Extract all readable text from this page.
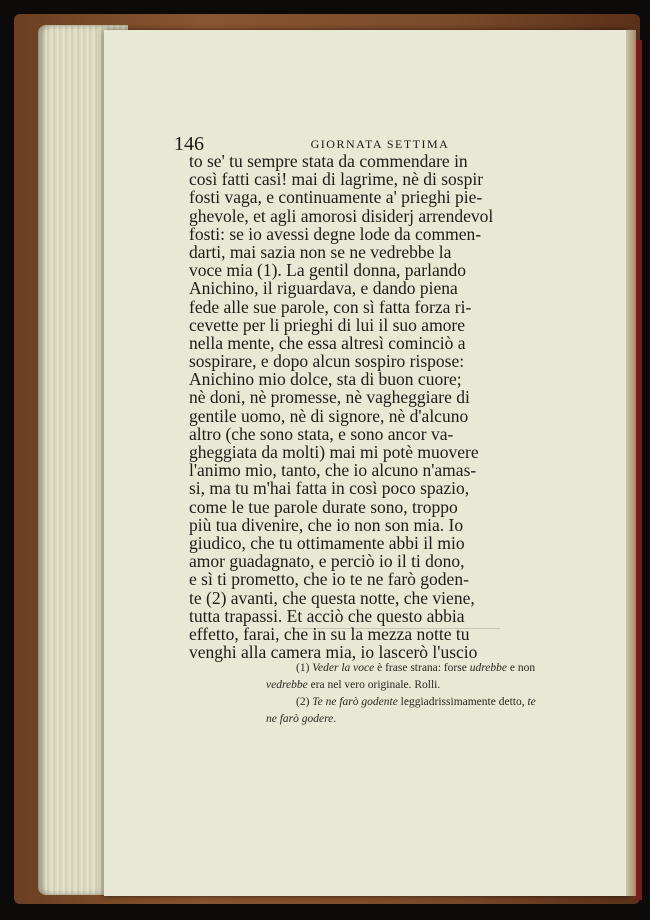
146	GIORNATA SETTIMA
to se' tu sempre stata da commendare in
così fatti casi! mai di lagrime, nè di sospir
fosti vaga, e continuamente a' prieghi pie-
ghevole, et agli amorosi disiderj arrendevol
fosti: se io avessi degne lode da commen-
darti, mai sazia non se ne vedrebbe la
voce mia (1). La gentil donna, parlando
Anichino, il riguardava, e dando piena
fede alle sue parole, con sì fatta forza ri-
cevette per li prieghi di lui il suo amore
nella mente, che essa altresì cominciò a
sospirare, e dopo alcun sospiro rispose:
Anichino mio dolce, sta di buon cuore;
nè doni, nè promesse, nè vagheggiare di
gentile uomo, nè di signore, nè d'alcuno
altro (che sono stata, e sono ancor va-
gheggiata da molti) mai mi potè muovere
l'animo mio, tanto, che io alcuno n'amas-
si, ma tu m'hai fatta in così poco spazio,
come le tue parole durate sono, troppo
più tua divenire, che io non son mia. Io
giudico, che tu ottimamente abbi il mio
amor guadagnato, e perciò io il ti dono,
e sì ti prometto, che io te ne farò goden-
te (2) avanti, che questa notte, che viene,
tutta trapassi. Et acciò che questo abbia
effetto, farai, che in su la mezza notte tu
venghi alla camera mia, io lascerò l'uscio
(1) Veder la voce è frase strana: forse udrebbe e non
vedrebbe era nel vero originale. Rolli.
(2) Te ne farò godente leggiadrissimamente detto, te
ne farò godere.
